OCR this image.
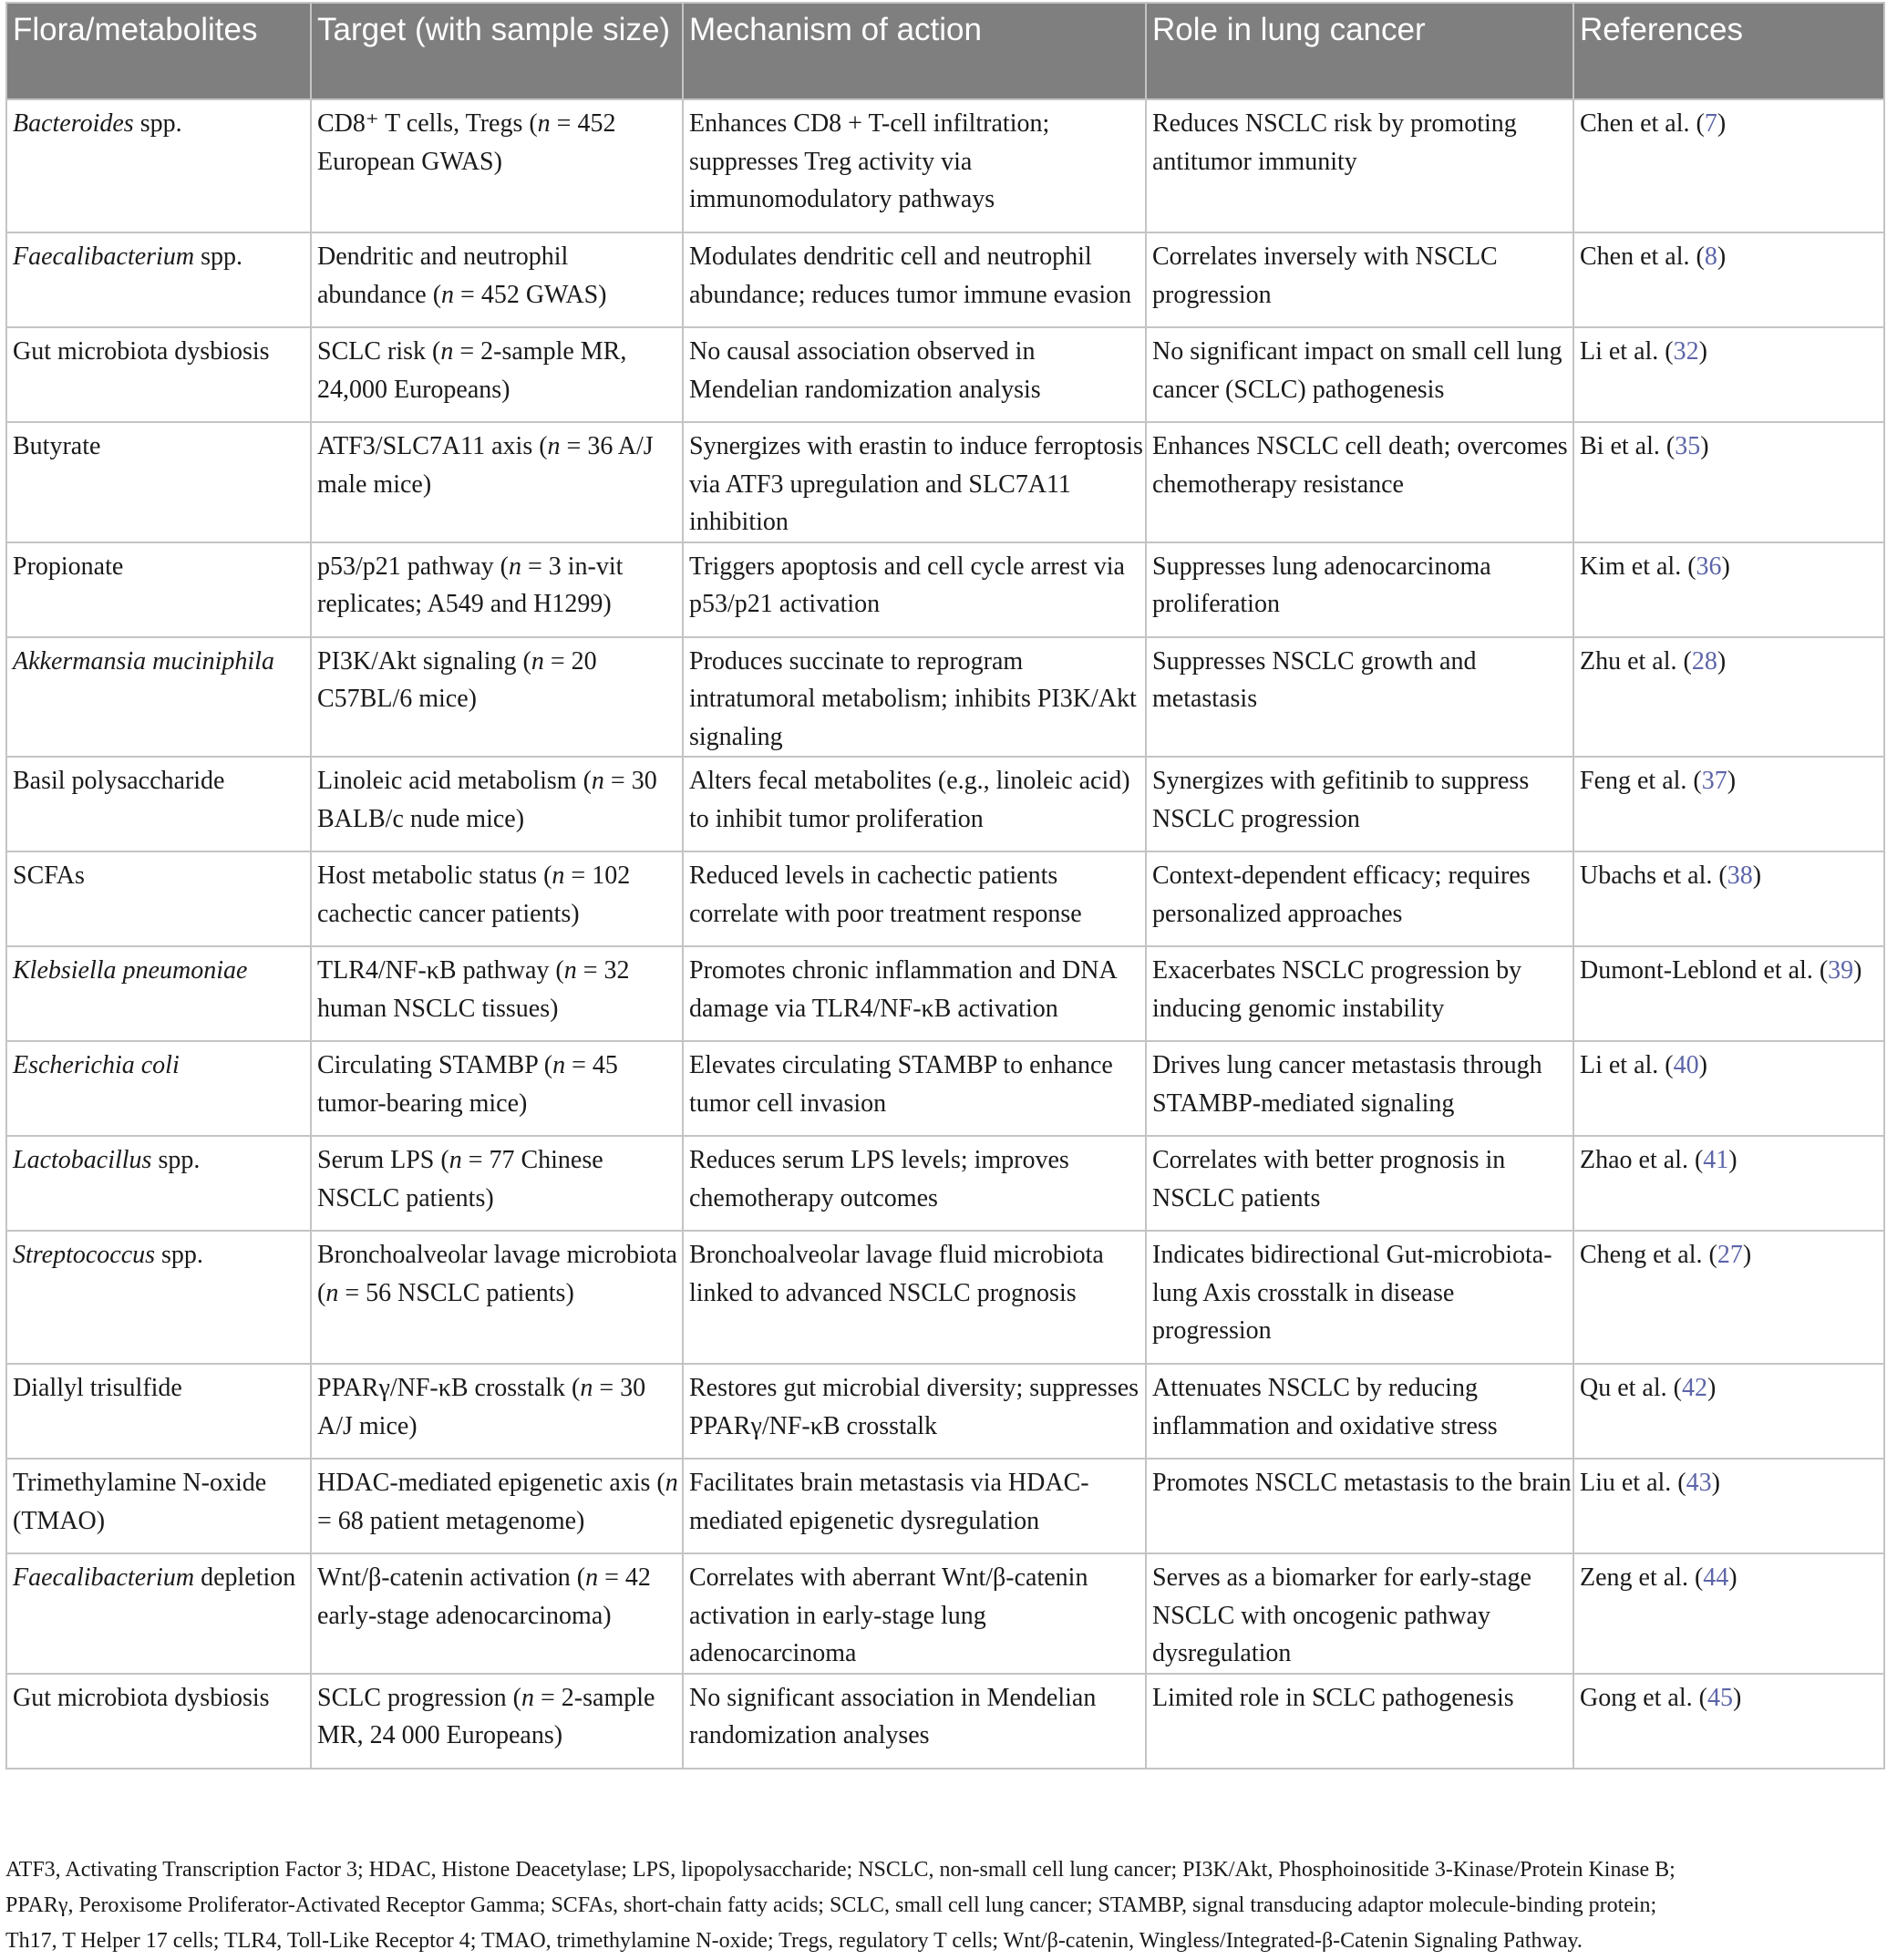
Flora/metabolites	Target (with sample size)	Mechanism of action	Role in lung cancer	References
Bacteroides spp.	CD8⁺ T cells, Tregs (n = 452 European GWAS)	Enhances CD8 + T-cell infiltration; suppresses Treg activity via immunomodulatory pathways	Reduces NSCLC risk by promoting antitumor immunity	Chen et al. (7)
Faecalibacterium spp.	Dendritic and neutrophil abundance (n = 452 GWAS)	Modulates dendritic cell and neutrophil abundance; reduces tumor immune evasion	Correlates inversely with NSCLC progression	Chen et al. (8)
Gut microbiota dysbiosis	SCLC risk (n = 2-sample MR, 24,000 Europeans)	No causal association observed in Mendelian randomization analysis	No significant impact on small cell lung cancer (SCLC) pathogenesis	Li et al. (32)
Butyrate	ATF3/SLC7A11 axis (n = 36 A/J male mice)	Synergizes with erastin to induce ferroptosis via ATF3 upregulation and SLC7A11 inhibition	Enhances NSCLC cell death; overcomes chemotherapy resistance	Bi et al. (35)
Propionate	p53/p21 pathway (n = 3 in-vit replicates; A549 and H1299)	Triggers apoptosis and cell cycle arrest via p53/p21 activation	Suppresses lung adenocarcinoma proliferation	Kim et al. (36)
Akkermansia muciniphila	PI3K/Akt signaling (n = 20 C57BL/6 mice)	Produces succinate to reprogram intratumoral metabolism; inhibits PI3K/Akt signaling	Suppresses NSCLC growth and metastasis	Zhu et al. (28)
Basil polysaccharide	Linoleic acid metabolism (n = 30 BALB/c nude mice)	Alters fecal metabolites (e.g., linoleic acid) to inhibit tumor proliferation	Synergizes with gefitinib to suppress NSCLC progression	Feng et al. (37)
SCFAs	Host metabolic status (n = 102 cachectic cancer patients)	Reduced levels in cachectic patients correlate with poor treatment response	Context-dependent efficacy; requires personalized approaches	Ubachs et al. (38)
Klebsiella pneumoniae	TLR4/NF-κB pathway (n = 32 human NSCLC tissues)	Promotes chronic inflammation and DNA damage via TLR4/NF-κB activation	Exacerbates NSCLC progression by inducing genomic instability	Dumont-Leblond et al. (39)
Escherichia coli	Circulating STAMBP (n = 45 tumor-bearing mice)	Elevates circulating STAMBP to enhance tumor cell invasion	Drives lung cancer metastasis through STAMBP-mediated signaling	Li et al. (40)
Lactobacillus spp.	Serum LPS (n = 77 Chinese NSCLC patients)	Reduces serum LPS levels; improves chemotherapy outcomes	Correlates with better prognosis in NSCLC patients	Zhao et al. (41)
Streptococcus spp.	Bronchoalveolar lavage microbiota (n = 56 NSCLC patients)	Bronchoalveolar lavage fluid microbiota linked to advanced NSCLC prognosis	Indicates bidirectional Gut-microbiota-lung Axis crosstalk in disease progression	Cheng et al. (27)
Diallyl trisulfide	PPARγ/NF-κB crosstalk (n = 30 A/J mice)	Restores gut microbial diversity; suppresses PPARγ/NF-κB crosstalk	Attenuates NSCLC by reducing inflammation and oxidative stress	Qu et al. (42)
Trimethylamine N-oxide (TMAO)	HDAC-mediated epigenetic axis (n = 68 patient metagenome)	Facilitates brain metastasis via HDAC-mediated epigenetic dysregulation	Promotes NSCLC metastasis to the brain	Liu et al. (43)
Faecalibacterium depletion	Wnt/β-catenin activation (n = 42 early-stage adenocarcinoma)	Correlates with aberrant Wnt/β-catenin activation in early-stage lung adenocarcinoma	Serves as a biomarker for early-stage NSCLC with oncogenic pathway dysregulation	Zeng et al. (44)
Gut microbiota dysbiosis	SCLC progression (n = 2-sample MR, 24 000 Europeans)	No significant association in Mendelian randomization analyses	Limited role in SCLC pathogenesis	Gong et al. (45)
ATF3, Activating Transcription Factor 3; HDAC, Histone Deacetylase; LPS, lipopolysaccharide; NSCLC, non-small cell lung cancer; PI3K/Akt, Phosphoinositide 3-Kinase/Protein Kinase B;
PPARγ, Peroxisome Proliferator-Activated Receptor Gamma; SCFAs, short-chain fatty acids; SCLC, small cell lung cancer; STAMBP, signal transducing adaptor molecule-binding protein;
Th17, T Helper 17 cells; TLR4, Toll-Like Receptor 4; TMAO, trimethylamine N-oxide; Tregs, regulatory T cells; Wnt/β-catenin, Wingless/Integrated-β-Catenin Signaling Pathway.
